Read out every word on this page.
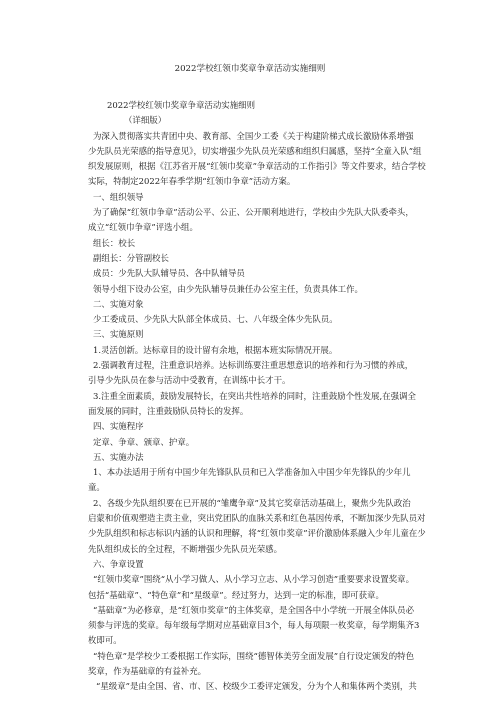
2022学校红领巾奖章争章活动实施细则
2022学校红领巾奖章争章活动实施细则
（详细版）
为深入贯彻落实共青团中央、教育部、全国少工委《关于构建阶梯式成长激励体系增强
少先队员光荣感的指导意见》，切实增强少先队员光荣感和组织归属感，坚持“全童入队”组
织发展原则，根据《江苏省开展“红领巾奖章”争章活动的工作指引》等文件要求，结合学校
实际，特制定2022年春季学期“红领巾争章”活动方案。
一、组织领导
为了确保“红领巾争章”活动公平、公正、公开顺利地进行，学校由少先队大队委牵头，
成立“红领巾争章”评选小组。
组长：校长
副组长：分管副校长
成员：少先队大队辅导员、各中队辅导员
领导小组下设办公室，由少先队辅导员兼任办公室主任，负责具体工作。
二、实施对象
少工委成员、少先队大队部全体成员、七、八年级全体少先队员。
三、实施原则
1.灵活创新。达标章目的设计留有余地，根据本班实际情况开展。
2.强调教育过程，注重意识培养。达标训练要注重思想意识的培养和行为习惯的养成，
引导少先队员在参与活动中受教育，在训练中长才干。
3.注重全面素质，鼓励发展特长，在突出共性培养的同时，注重鼓励个性发展,在强调全
面发展的同时，注重鼓励队员特长的发挥。
四、实施程序
定章、争章、颁章、护章。
五、实施办法
1、本办法适用于所有中国少年先锋队队员和已入学准备加入中国少年先锋队的少年儿
童。
2、各级少先队组织要在已开展的“雏鹰争章”及其它奖章活动基础上，聚焦少先队政治
启蒙和价值观塑造主责主业，突出党团队的血脉关系和红色基因传承，不断加深少先队员对
少先队组织和标志标识内涵的认识和理解，将“红领巾奖章”评价激励体系融入少年儿童在少
先队组织成长的全过程，不断增强少先队员光荣感。
六、争章设置
“红领巾奖章”围绕“从小学习做人、从小学习立志、从小学习创造”重要要求设置奖章。
包括“基础章”、“特色章”和“星级章”。经过努力，达到一定的标准，即可获章。
“基础章”为必修章，是“红领巾奖章”的主体奖章，是全国各中小学统一开展全体队员必
须参与评选的奖章。每年级每学期对应基础章目3个，每人每项限一枚奖章，每学期集齐3
枚即可。
“特色章”是学校少工委根据工作实际，围绕“德智体美劳全面发展”自行设定颁发的特色
奖章，作为基础章的有益补充。
“星级章”是由全国、省、市、区、校级少工委评定颁发，分为个人和集体两个类别，共
